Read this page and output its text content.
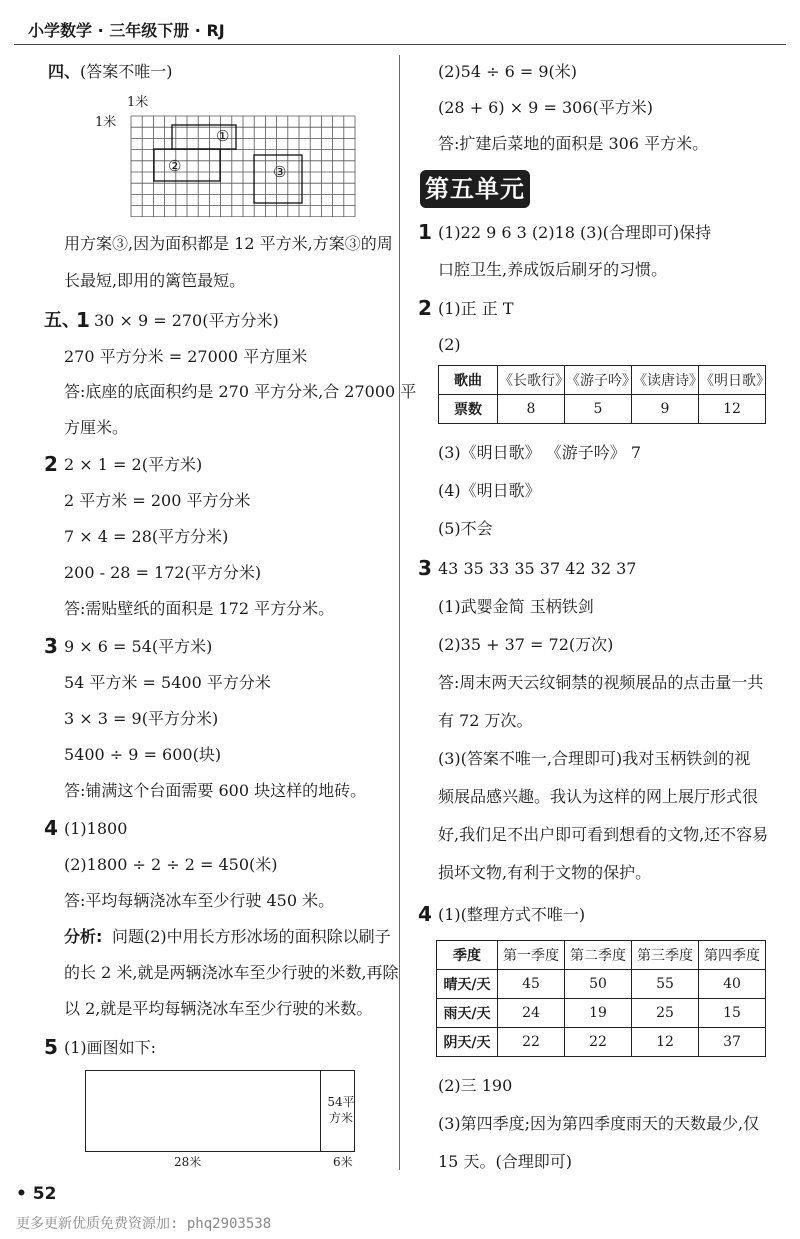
小学数学 · 三年级下册 · RJ
四、 (答案不唯一)
1米
1米
①
②	③
用方案③,因为面积都是 12 平方米,方案③的周
长最短,即用的篱笆最短。
五、
1 30 × 9 = 270(平方分米)
270 平方分米 = 27000 平方厘米
答:底座的底面积约是 270 平方分米,合 27000 平
方厘米。
2 2 × 1 = 2(平方米)
2 平方米 = 200 平方分米
7 × 4 = 28(平方分米)
200 - 28 = 172(平方分米)
答:需贴壁纸的面积是 172 平方分米。
3 9 × 6 = 54(平方米)
54 平方米 = 5400 平方分米
3 × 3 = 9(平方分米)
5400 ÷ 9 = 600(块)
答:铺满这个台面需要 600 块这样的地砖。
4 (1)1800
(2)1800 ÷ 2 ÷ 2 = 450(米)
答:平均每辆浇冰车至少行驶 450 米。
分析: 问题(2)中用长方形冰场的面积除以刷子
的长 2 米,就是两辆浇冰车至少行驶的米数,再除
以 2,就是平均每辆浇冰车至少行驶的米数。
5 (1)画图如下:
54平方米
28米	6米
(2)54 ÷ 6 = 9(米)
(28 + 6) × 9 = 306(平方米)
答:扩建后菜地的面积是 306 平方米。
第五单元
1 (1)22 9 6 3 (2)18 (3)(合理即可)保持
口腔卫生,养成饭后刷牙的习惯。
2 (1)正 正 T
(2)
歌曲	《长歌行》	《游子吟》	《读唐诗》	《明日歌》
票数	8	5	9	12
(3)《明日歌》 《游子吟》 7
(4)《明日歌》
(5)不会
3 43 35 33 35 37 42 32 37
(1)武婴金简 玉柄铁剑
(2)35 + 37 = 72(万次)
答:周末两天云纹铜禁的视频展品的点击量一共
有 72 万次。
(3)(答案不唯一,合理即可)我对玉柄铁剑的视
频展品感兴趣。我认为这样的网上展厅形式很
好,我们足不出户即可看到想看的文物,还不容易
损坏文物,有利于文物的保护。
4 (1)(整理方式不唯一)
季度	第一季度	第二季度	第三季度	第四季度
晴天/天	45	50	55	40
雨天/天	24	19	25	15
阴天/天	22	22	12	37
(2)三 190
(3)第四季度;因为第四季度雨天的天数最少,仅
15 天。(合理即可)
• 52
更多更新优质免费资源加: phq2903538
